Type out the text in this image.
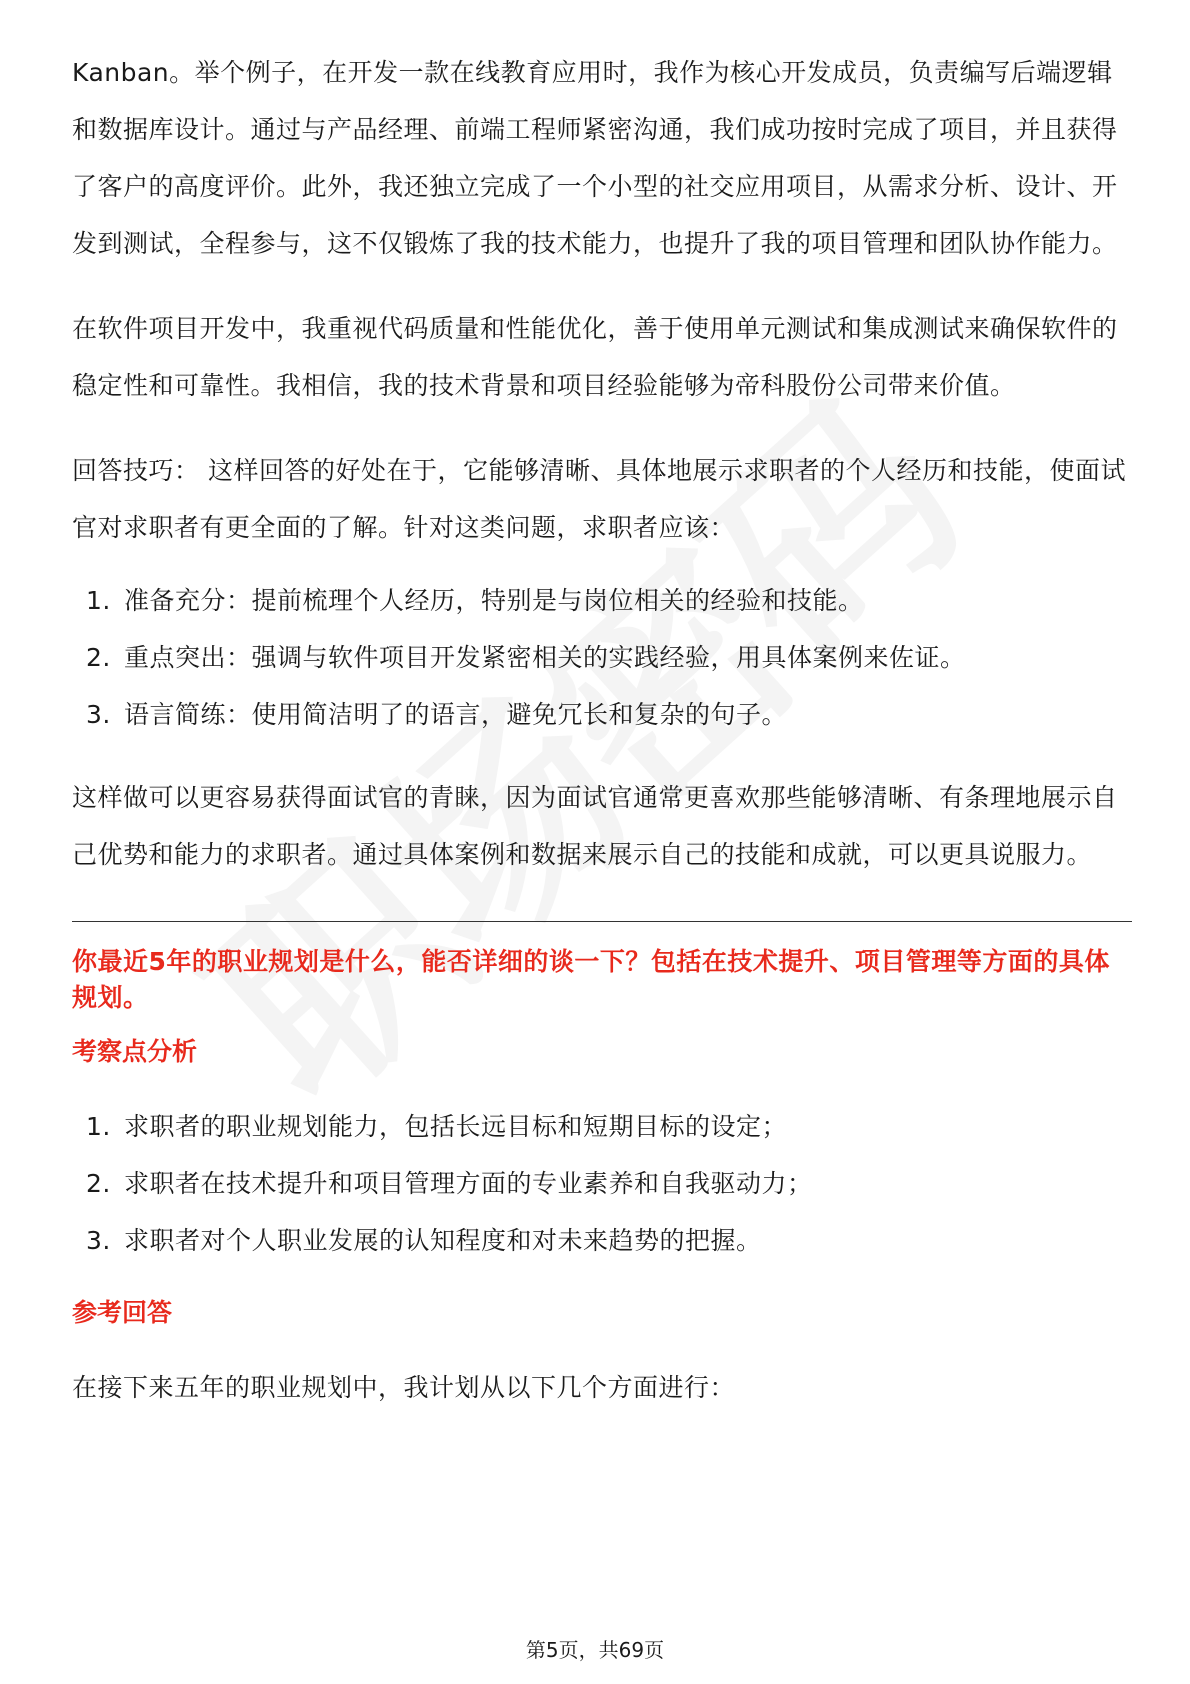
Kanban。举个例子，在开发一款在线教育应用时，我作为核心开发成员，负责编写后端逻辑和数据库设计。通过与产品经理、前端工程师紧密沟通，我们成功按时完成了项目，并且获得了客户的高度评价。此外，我还独立完成了一个小型的社交应用项目，从需求分析、设计、开发到测试，全程参与，这不仅锻炼了我的技术能力，也提升了我的项目管理和团队协作能力。

在软件项目开发中，我重视代码质量和性能优化，善于使用单元测试和集成测试来确保软件的稳定性和可靠性。我相信，我的技术背景和项目经验能够为帝科股份公司带来价值。

回答技巧： 这样回答的好处在于，它能够清晰、具体地展示求职者的个人经历和技能，使面试官对求职者有更全面的了解。针对这类问题，求职者应该：

1. 准备充分：提前梳理个人经历，特别是与岗位相关的经验和技能。
2. 重点突出：强调与软件项目开发紧密相关的实践经验，用具体案例来佐证。
3. 语言简练：使用简洁明了的语言，避免冗长和复杂的句子。

这样做可以更容易获得面试官的青睐，因为面试官通常更喜欢那些能够清晰、有条理地展示自己优势和能力的求职者。通过具体案例和数据来展示自己的技能和成就，可以更具说服力。

你最近5年的职业规划是什么，能否详细的谈一下？包括在技术提升、项目管理等方面的具体规划。

考察点分析
1. 求职者的职业规划能力，包括长远目标和短期目标的设定；
2. 求职者在技术提升和项目管理方面的专业素养和自我驱动力；
3. 求职者对个人职业发展的认知程度和对未来趋势的把握。
参考回答

在接下来五年的职业规划中，我计划从以下几个方面进行：

第5页，共69页
